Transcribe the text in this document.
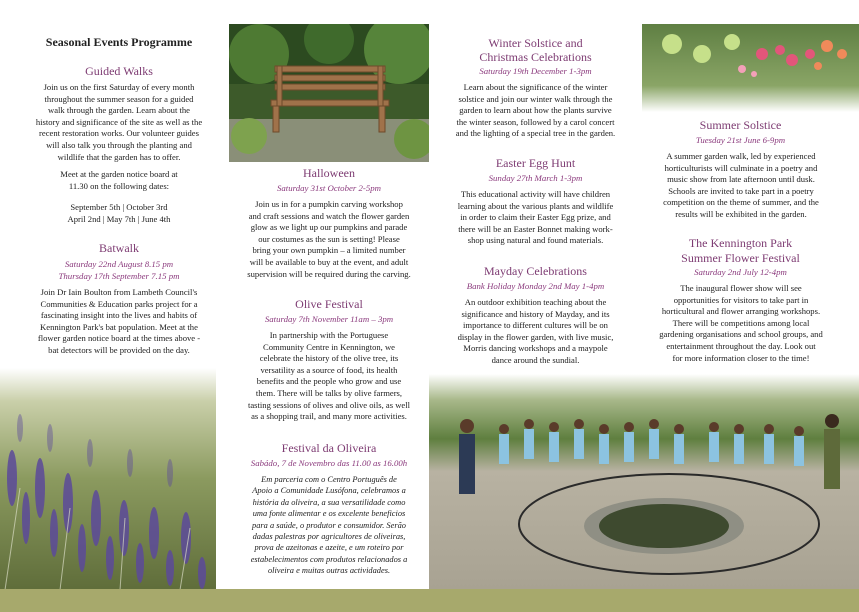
Seasonal Events Programme
Guided Walks
Join us on the first Saturday of every month
throughout the summer season for a guided
walk through the garden. Learn about the
history and significance of the site as well as the
recent restoration works. Our volunteer guides
will also talk you through the planting and
wildlife that the garden has to offer.
Meet at the garden notice board at
11.30 on the following dates:
September 5th | October 3rd
April 2nd | May 7th | June 4th
Batwalk
Saturday 22nd August 8.15 pm
Thursday 17th September 7.15 pm
Join Dr Iain Boulton from Lambeth Council's
Communities & Education parks project for a
fascinating insight into the lives and habits of
Kennington Park's bat population. Meet at the
flower garden notice board at the times above -
bat detectors will be provided on the day.
Halloween
Saturday 31st October 2-5pm
Join us in for a pumpkin carving workshop
and craft sessions and watch the flower garden
glow as we light up our pumpkins and parade
our costumes as the sun is setting! Please
bring your own pumpkin – a limited number
will be available to buy at the event, and adult
supervision will be required during the carving.
Olive Festival
Saturday 7th November 11am – 3pm
In partnership with the Portuguese
Community Centre in Kennington, we
celebrate the history of the olive tree, its
versatility as a source of food, its health
benefits and the people who grow and use
them. There will be talks by olive farmers,
tasting sessions of olives and olive oils, as well
as a shopping trail, and many more activities.
Festival da Oliveira
Sabádo, 7 de Novembro das 11.00 as 16.00h
Em parceria com o Centro Português de
Apoio a Comunidade Lusófona, celebramos a
história da oliveira, a sua versatilidade como
uma fonte alimentar e os excelente beneficios
para a saúde, o produtor e consumidor. Serão
dadas palestras por agricultores de oliveiras,
prova de azeitonas e azeite, e um roteiro por
estabelecimentos com produtos relacionados a
oliveira e muitas outras actividades.
Winter Solstice and
Christmas Celebrations
Saturday 19th December 1-3pm
Learn about the significance of the winter
solstice and join our winter walk through the
garden to learn about how the plants survive
the winter season, followed by a carol concert
and the lighting of a special tree in the garden.
Easter Egg Hunt
Sunday 27th March 1-3pm
This educational activity will have children
learning about the various plants and wildlife
in order to claim their Easter Egg prize, and
there will be an Easter Bonnet making work-
shop using natural and found materials.
Mayday Celebrations
Bank Holiday Monday 2nd May 1-4pm
An outdoor exhibition teaching about the
significance and history of Mayday, and its
importance to different cultures will be on
display in the flower garden, with live music,
Morris dancing workshops and a maypole
dance around the sundial.
Summer Solstice
Tuesday 21st June 6-9pm
A summer garden walk, led by experienced
horticulturists will culminate in a poetry and
music show from late afternoon until dusk.
Schools are invited to take part in a poetry
competition on the theme of summer, and the
results will be exhibited in the garden.
The Kennington Park
Summer Flower Festival
Saturday 2nd July 12-4pm
The inaugural flower show will see
opportunities for visitors to take part in
horticultural and flower arranging workshops.
There will be competitions among local
gardening organisations and school groups, and
entertainment throughout the day. Look out
for more information closer to the time!
